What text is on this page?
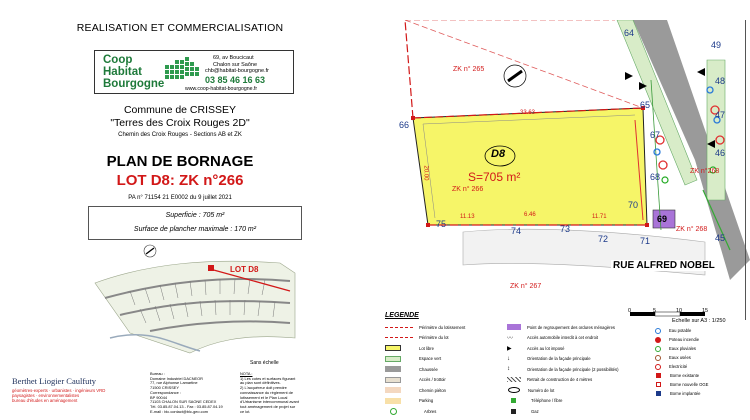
REALISATION ET COMMERCIALISATION
Coop
Habitat
Bourgogne
69, av Boucicaut
Chalon sur Saône
chb@habitat-bourgogne.fr
03 85 46 16 63
www.coop-habitat-bourgogne.fr
Commune de CRISSEY
"Terres des Croix Rouges 2D"
Chemin des Croix Rouges - Sections AB et ZK
PLAN DE BORNAGE
LOT D8: ZK n°266
PA n° 71154 21 E0002 du 9 juillet 2021
Superficie : 705 m²
Surface de plancher maximale : 170 m²
LOT D8
Sans échelle
Berthet Liogier Caulfuty
géomètres-experts · urbanistes · ingénieurs VRD
paysagistes · environnementalistes
bureau d'études en aménagement
Bureau :
Domaine Industriel DACNEOR
77, rue Alphonse Lamartine
71500 CRISSEY
Correspondance :
BP 90044
71103 CHALON SUR SAONE CEDEX
Tél. 03.85.87.04.13 - Fax : 03.85.87.04.19
E-mail : blc.contact@blc-geo.com
NOTA :
1) Les cotes et surfaces figurant au plan sont définitives.
2) L'acquéreur doit prendre connaissance du règlement de lotissement et le Plan Local d'Urbanisme intercommunal avant tout aménagement de projet sur ce lot.
D8
S=705 m²
ZK n° 266
ZK n° 265
ZK n° 267
ZK n°268
ZK n° 268
RUE ALFRED NOBEL
33.63
20.00
11.13	6.46	11.71	69
64
49
48
47
46
45
65
66
67
68
70
71
72
73
74
75
Echelle sur A3 : 1/250
0	5	10	15
LEGENDE
Périmètre du lotissement
Périmètre du lot
Lot libre
Espace vert
Chaussée
Accès / trottoir
Chemin piéton
Parking
Arbres
Point de regroupement des ordures ménagères
〰	Accès automobile interdit à cet endroit
▶	Accès au lot imposé
↓	Orientation de la façade principale
↕	Orientation de la façade principale (2 possibilités)
Retrait de construction de 4 mètres
Numéro de lot
Téléphone / fibre
Gaz
Eau potable
Poteau incendie
Eaux pluviales
Eaux usées
Electricité
Borne existante
Borne nouvelle OGE
Borne implantée
